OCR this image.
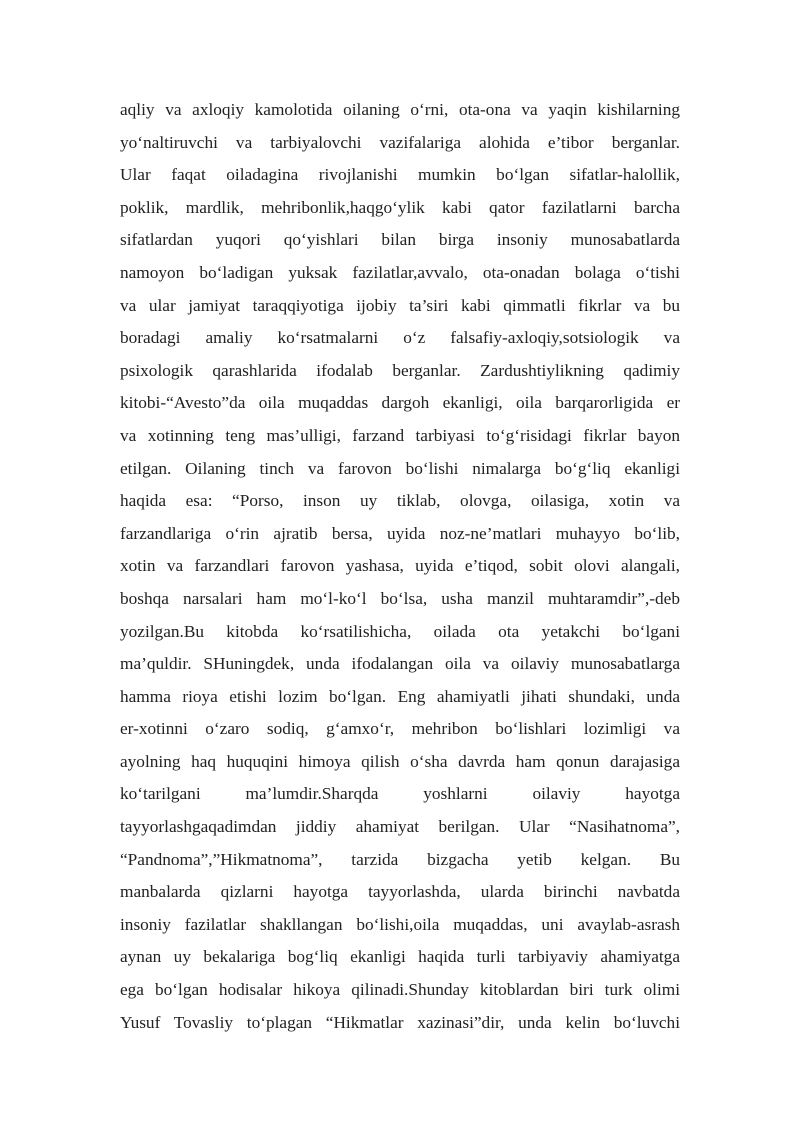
aqliy va axloqiy kamolotida oilaning o‘rni, ota-ona va yaqin kishilarning
yo‘naltiruvchi va tarbiyalovchi vazifalariga alohida e’tibor berganlar.
Ular faqat oiladagina rivojlanishi mumkin bo‘lgan sifatlar-halollik,
poklik, mardlik, mehribonlik,haqgo‘ylik kabi qator fazilatlarni barcha
sifatlardan yuqori qo‘yishlari bilan birga insoniy munosabatlarda
namoyon bo‘ladigan yuksak fazilatlar,avvalo, ota-onadan bolaga o‘tishi
va ular jamiyat taraqqiyotiga ijobiy ta’siri kabi qimmatli fikrlar va bu
boradagi amaliy ko‘rsatmalarni o‘z falsafiy-axloqiy,sotsiologik va
psixologik qarashlarida ifodalab berganlar. Zardushtiylikning qadimiy
kitobi-“Avesto”da oila muqaddas dargoh ekanligi, oila barqarorligida er
va xotinning teng mas’ulligi, farzand tarbiyasi to‘g‘risidagi fikrlar bayon
etilgan. Oilaning tinch va farovon bo‘lishi nimalarga bo‘g‘liq ekanligi
haqida esa: “Porso, inson uy tiklab, olovga, oilasiga, xotin va
farzandlariga o‘rin ajratib bersa, uyida noz-ne’matlari muhayyo bo‘lib,
xotin va farzandlari farovon yashasa, uyida e’tiqod, sobit olovi alangali,
boshqa narsalari ham mo‘l-ko‘l bo‘lsa, usha manzil muhtaramdir”,-deb
yozilgan.Bu kitobda ko‘rsatilishicha, oilada ota yetakchi bo‘lgani
ma’quldir. SHuningdek, unda ifodalangan oila va oilaviy munosabatlarga
hamma rioya etishi lozim bo‘lgan. Eng ahamiyatli jihati shundaki, unda
er-xotinni o‘zaro sodiq, g‘amxo‘r, mehribon bo‘lishlari lozimligi va
ayolning haq huquqini himoya qilish o‘sha davrda ham qonun darajasiga
ko‘tarilgani ma’lumdir.Sharqda yoshlarni oilaviy hayotga
tayyorlashgaqadimdan jiddiy ahamiyat berilgan. Ular “Nasihatnoma”,
“Pandnoma”,”Hikmatnoma”, tarzida bizgacha yetib kelgan. Bu
manbalarda qizlarni hayotga tayyorlashda, ularda birinchi navbatda
insoniy fazilatlar shakllangan bo‘lishi,oila muqaddas, uni avaylab-asrash
aynan uy bekalariga bog‘liq ekanligi haqida turli tarbiyaviy ahamiyatga
ega bo‘lgan hodisalar hikoya qilinadi.Shunday kitoblardan biri turk olimi
Yusuf Tovasliy to‘plagan “Hikmatlar xazinasi”dir, unda kelin bo‘luvchi
